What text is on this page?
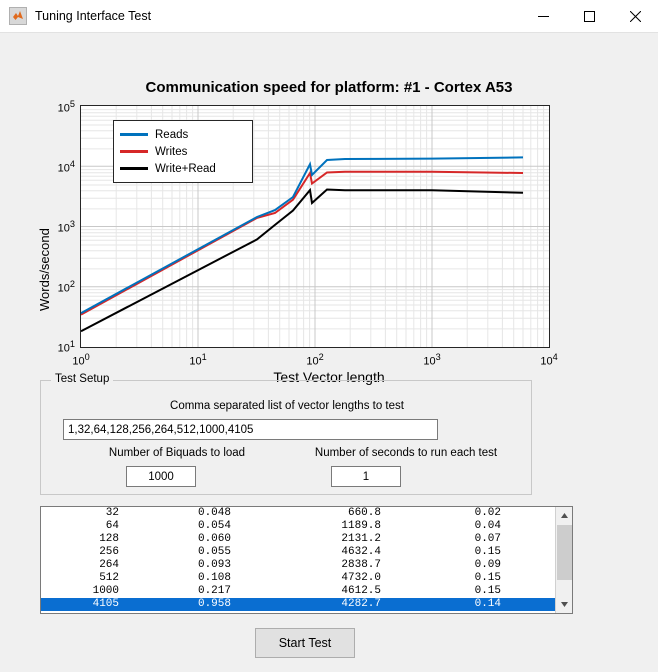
Tuning Interface Test
Communication speed for platform: #1 - Cortex A53
Words/second
$10^5$
$10^4$
$10^3$
$10^2$
$10^1$
$10^0$	$10^1$	$10^2$	$10^3$	$10^4$
Reads
Writes
Write+Read
Test Vector length
Test Setup
Comma separated list of vector lengths to test
1,32,64,128,256,264,512,1000,4105
Number of Biquads to load
1000	Number of seconds to run each test
1
32	0.048	660.8	0.02
64	0.054	1189.8	0.04
128	0.060	2131.2	0.07
256	0.055	4632.4	0.15
264	0.093	2838.7	0.09
512	0.108	4732.0	0.15
1000	0.217	4612.5	0.15
4105	0.958	4282.7	0.14
Start Test
